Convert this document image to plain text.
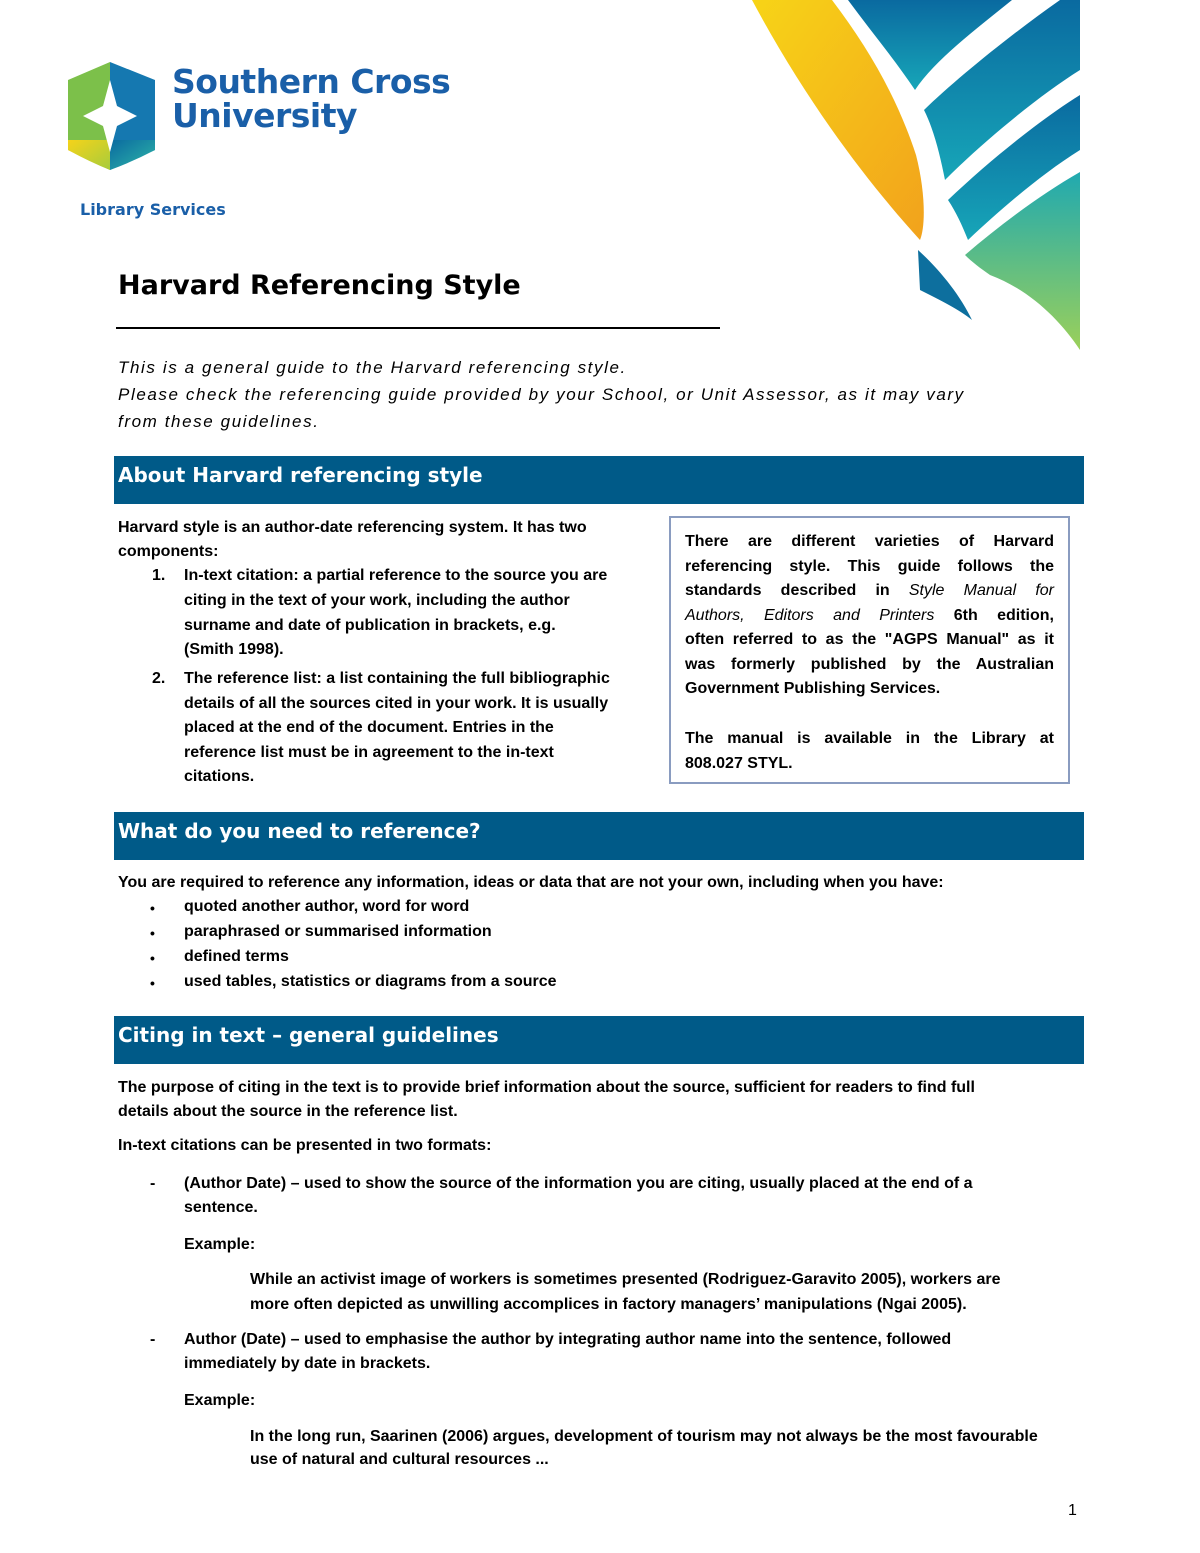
Southern Cross
University
Library Services
Harvard Referencing Style
This is a general guide to the Harvard referencing style.
Please check the referencing guide provided by your School, or Unit Assessor, as it may vary
from these guidelines.
About Harvard referencing style
Harvard style is an author-date referencing system. It has two
components:
1. In-text citation: a partial reference to the source you are
citing in the text of your work, including the author
surname and date of publication in brackets, e.g.
(Smith 1998).
2. The reference list: a list containing the full bibliographic
details of all the sources cited in your work. It is usually
placed at the end of the document. Entries in the
reference list must be in agreement to the in-text
citations.
There are different varieties of Harvard
referencing style. This guide follows the
standards described in Style Manual for
Authors, Editors and Printers 6th edition,
often referred to as the "AGPS Manual" as it
was formerly published by the Australian
Government Publishing Services.
The manual is available in the Library at
808.027 STYL.
What do you need to reference?
You are required to reference any information, ideas or data that are not your own, including when you have:
• quoted another author, word for word
• paraphrased or summarised information
• defined terms
• used tables, statistics or diagrams from a source
Citing in text – general guidelines
The purpose of citing in the text is to provide brief information about the source, sufficient for readers to find full
details about the source in the reference list.
In-text citations can be presented in two formats:
- (Author Date) – used to show the source of the information you are citing, usually placed at the end of a
sentence.
Example:
While an activist image of workers is sometimes presented (Rodriguez-Garavito 2005), workers are
more often depicted as unwilling accomplices in factory managers’ manipulations (Ngai 2005).
- Author (Date) – used to emphasise the author by integrating author name into the sentence, followed
immediately by date in brackets.
Example:
In the long run, Saarinen (2006) argues, development of tourism may not always be the most favourable
use of natural and cultural resources ...
1
